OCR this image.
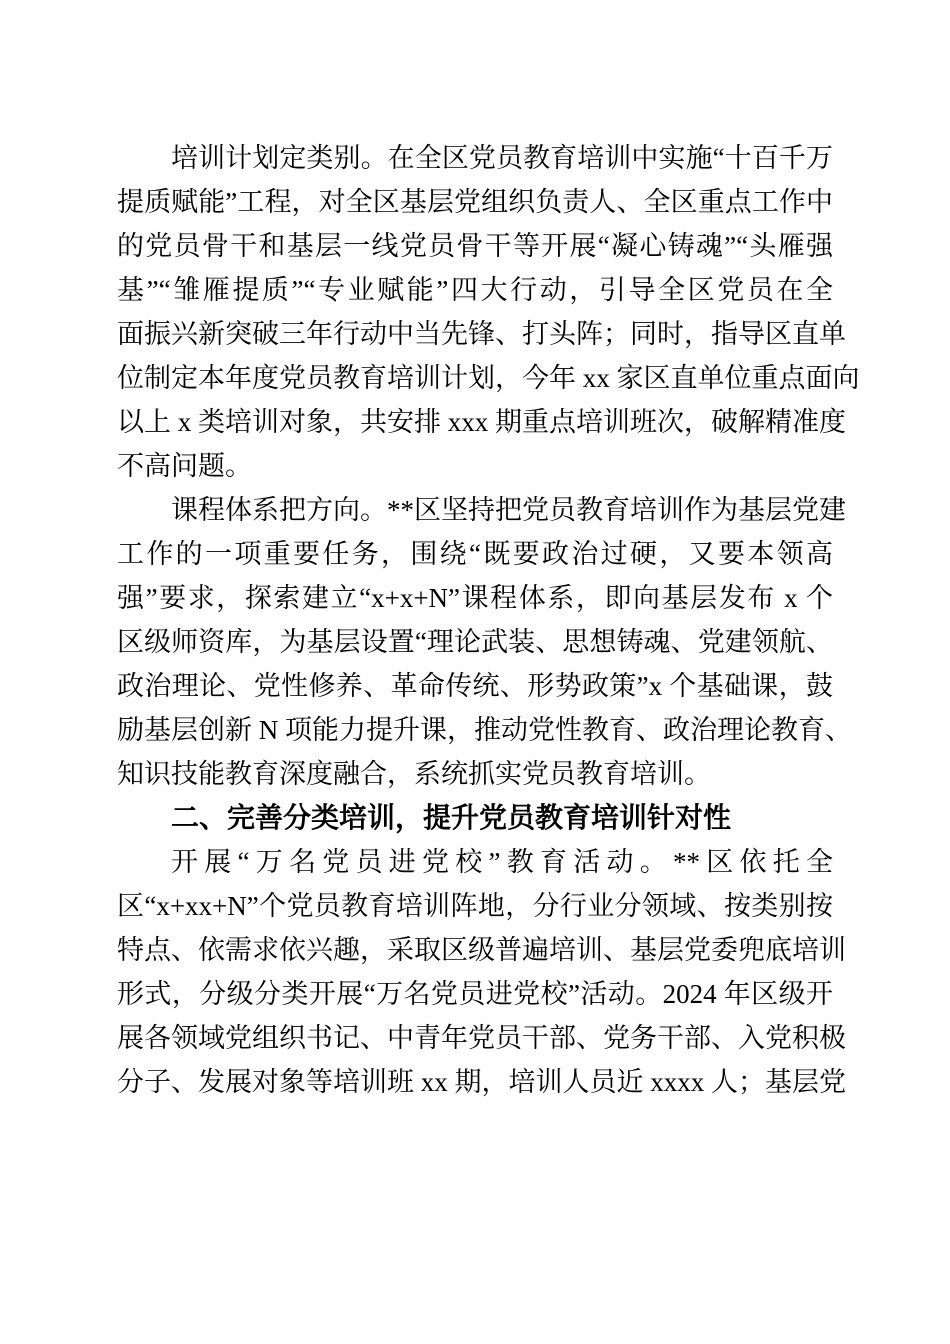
培训计划定类别。在全区党员教育培训中实施“十百千万
提质赋能”工程，对全区基层党组织负责人、全区重点工作中
的党员骨干和基层一线党员骨干等开展“凝心铸魂”“头雁强
基”“雏雁提质”“专业赋能”四大行动，引导全区党员在全
面振兴新突破三年行动中当先锋、打头阵；同时，指导区直单
位制定本年度党员教育培训计划，今年 xx 家区直单位重点面向
以上 x 类培训对象，共安排 xxx 期重点培训班次，破解精准度
不高问题。
课程体系把方向。**区坚持把党员教育培训作为基层党建
工作的一项重要任务，围绕“既要政治过硬，又要本领高
强”要求，探索建立“x+x+N”课程体系，即向基层发布 x 个
区级师资库，为基层设置“理论武装、思想铸魂、党建领航、
政治理论、党性修养、革命传统、形势政策”x 个基础课，鼓
励基层创新 N 项能力提升课，推动党性教育、政治理论教育、
知识技能教育深度融合，系统抓实党员教育培训。
二、完善分类培训，提升党员教育培训针对性
开展“万名党员进党校”教育活动。**区依托全
区“x+xx+N”个党员教育培训阵地，分行业分领域、按类别按
特点、依需求依兴趣，采取区级普遍培训、基层党委兜底培训
形式，分级分类开展“万名党员进党校”活动。2024 年区级开
展各领域党组织书记、中青年党员干部、党务干部、入党积极
分子、发展对象等培训班 xx 期，培训人员近 xxxx 人；基层党
